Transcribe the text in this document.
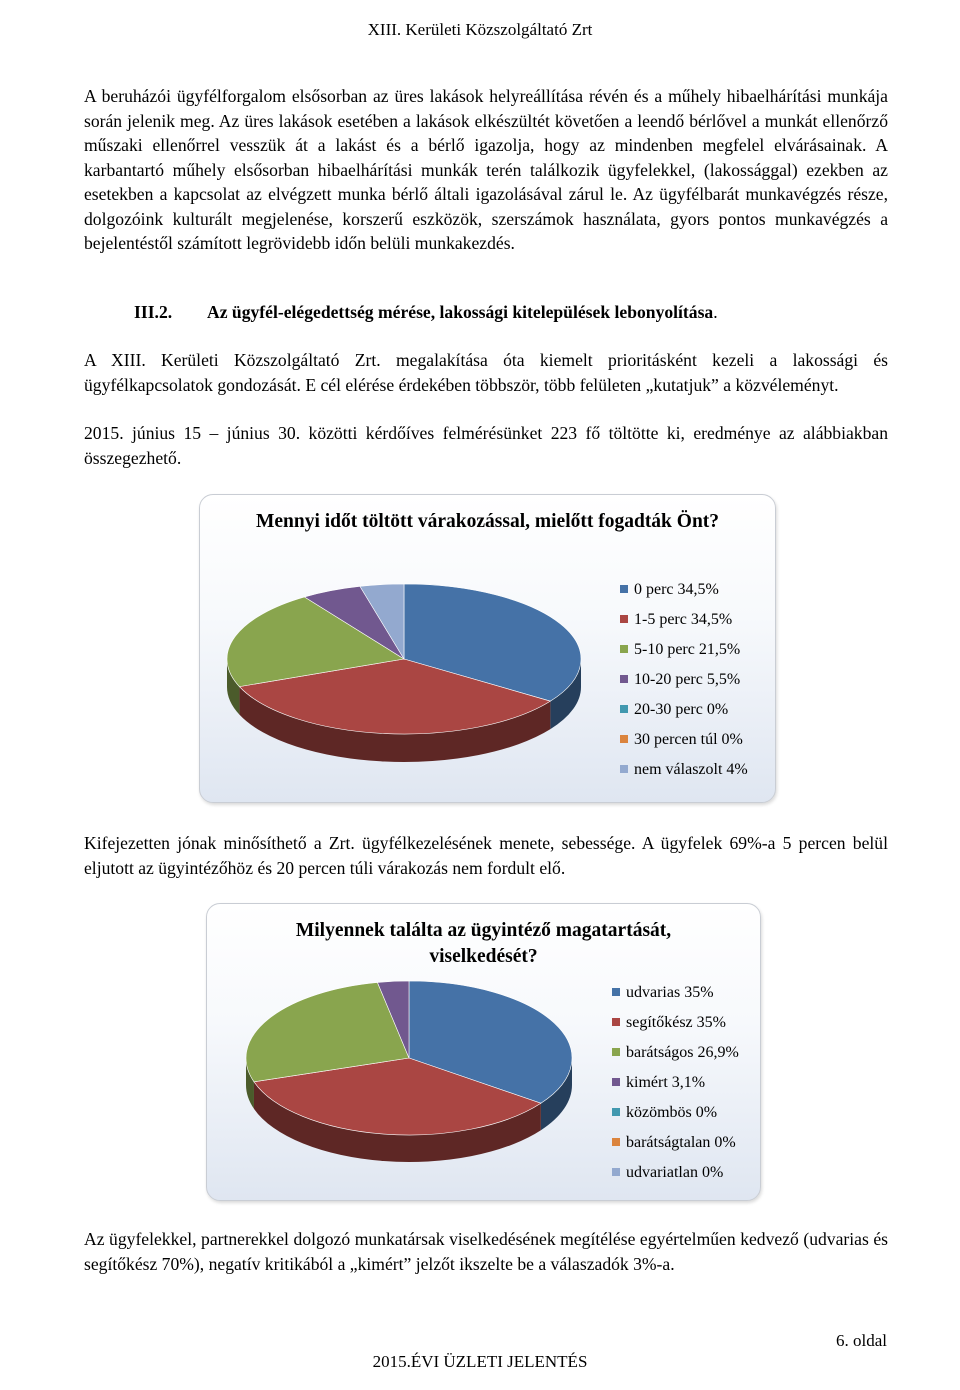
XIII. Kerületi Közszolgáltató Zrt
A beruházói ügyfélforgalom elsősorban az üres lakások helyreállítása révén és a műhely hibaelhárítási munkája során jelenik meg. Az üres lakások esetében a lakások elkészültét követően a leendő bérlővel a munkát ellenőrző műszaki ellenőrrel vesszük át a lakást és a bérlő igazolja, hogy az mindenben megfelel elvárásainak. A karbantartó műhely elsősorban hibaelhárítási munkák terén találkozik ügyfelekkel, (lakossággal) ezekben az esetekben a kapcsolat az elvégzett munka bérlő általi igazolásával zárul le. Az ügyfélbarát munkavégzés része, dolgozóink kulturált megjelenése, korszerű eszközök, szerszámok használata, gyors pontos munkavégzés a bejelentéstől számított legrövidebb időn belüli munkakezdés.
III.2. Az ügyfél-elégedettség mérése, lakossági kitelepülések lebonyolítása.
A XIII. Kerületi Közszolgáltató Zrt. megalakítása óta kiemelt prioritásként kezeli a lakossági és ügyfélkapcsolatok gondozását. E cél elérése érdekében többször, több felületen „kutatjuk” a közvéleményt.
2015. június 15 – június 30. közötti kérdőíves felmérésünket 223 fő töltötte ki, eredménye az alábbiakban összegezhető.
Mennyi időt töltött várakozással, mielőtt fogadták Önt?
0 perc 34,5%
1-5 perc 34,5%
5-10 perc 21,5%
10-20 perc 5,5%
20-30 perc 0%
30 percen túl 0%
nem válaszolt 4%
Kifejezetten jónak minősíthető a Zrt. ügyfélkezelésének menete, sebessége. A ügyfelek 69%-a 5 percen belül eljutott az ügyintézőhöz és 20 percen túli várakozás nem fordult elő.
Milyennek találta az ügyintéző magatartását, viselkedését?
udvarias 35%
segítőkész 35%
barátságos 26,9%
kimért 3,1%
közömbös 0%
barátságtalan 0%
udvariatlan 0%
Az ügyfelekkel, partnerekkel dolgozó munkatársak viselkedésének megítélése egyértelműen kedvező (udvarias és segítőkész 70%), negatív kritikából a „kimért” jelzőt ikszelte be a válaszadók 3%-a.
6. oldal
2015.ÉVI ÜZLETI JELENTÉS
